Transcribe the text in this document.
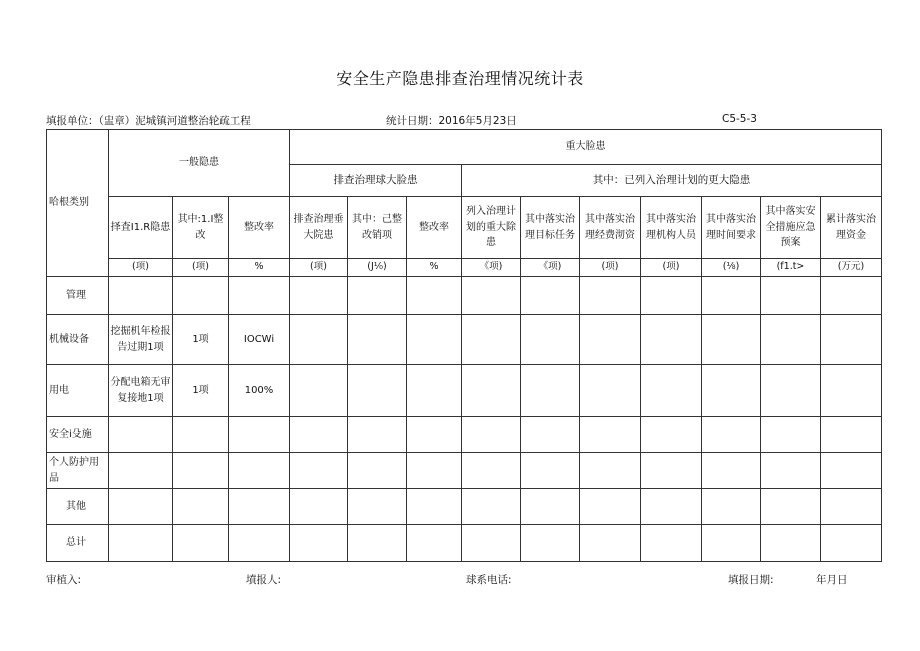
安全生产隐患排查治理情况统计表
填报单位：（盅章）泥城镇河道整治轮疏工程	统计日期：2016年5月23日	C5-5-3
哈根类别	一般隐患			重大脸患									
				排查治理球大脸患			其中：已列入治理计划的更大隐患						
	择査I1.R隐患	其中:1.I整改	整改率	排查治理垂大院患	其中：己整改销项	整改率	列入治理计划的重大除患	其中落实治理目标任务	其中落实治理经费沏资	其中落实治理机构人员	其中落实治理时间要求	其中落实安全措施应急预案	累计落实治理资金
	(项)	(项)	%	(项)	(J¹⁄₀)	%	《项)	《项)	(项)	(项)	(⅛)	(f1.t>	(万元)
管理													
机械设备	挖掘机年检报告过期1项	1项	IOCWi										
用电	分配电箱无审复接地1项	1项	100%										
安全i殳施													
个人防护用品													
其他													
总计													
审植入:	墳报人:	球系电话:	填报日期:	年月日
